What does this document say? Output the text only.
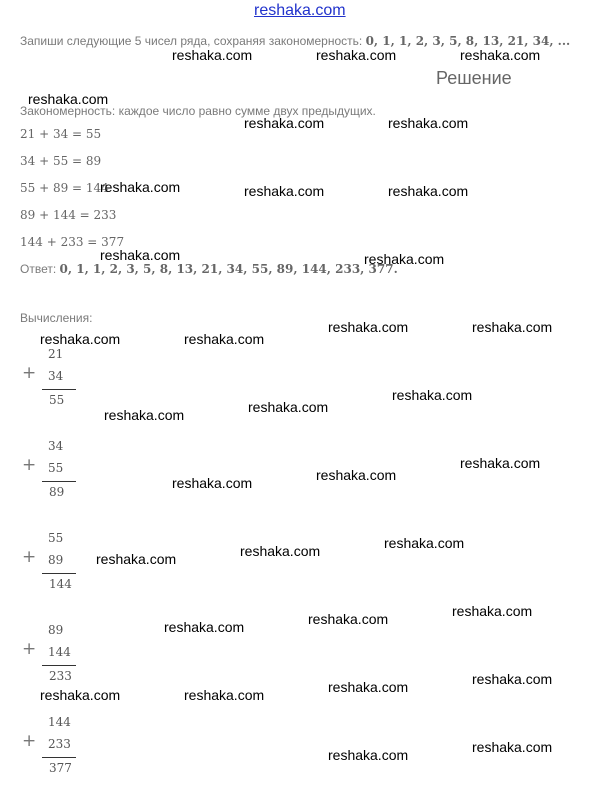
reshaka.com
Запиши следующие 5 чисел ряда, сохраняя закономерность: 0, 1, 1, 2, 3, 5, 8, 13, 21, 34, ...
Решение
Закономерность: каждое число равно сумме двух предыдущих.
21 + 34 = 55
34 + 55 = 89
55 + 89 = 144
89 + 144 = 233
144 + 233 = 377
Ответ: 0, 1, 1, 2, 3, 5, 8, 13, 21, 34, 55, 89, 144, 233, 377.
Вычисления:
+
21
34
55
+
34
55
89
+
55
89
144
+
89
144
233
+
144
233
377
reshaka.com	reshaka.com	reshaka.com
reshaka.com
reshaka.com	reshaka.com
reshaka.com	reshaka.com	reshaka.com
reshaka.com	reshaka.com
reshaka.com	reshaka.com
reshaka.com	reshaka.com
reshaka.com
reshaka.com
reshaka.com
reshaka.com
reshaka.com
reshaka.com
reshaka.com
reshaka.com
reshaka.com
reshaka.com
reshaka.com
reshaka.com
reshaka.com
reshaka.com
reshaka.com	reshaka.com
reshaka.com
reshaka.com
